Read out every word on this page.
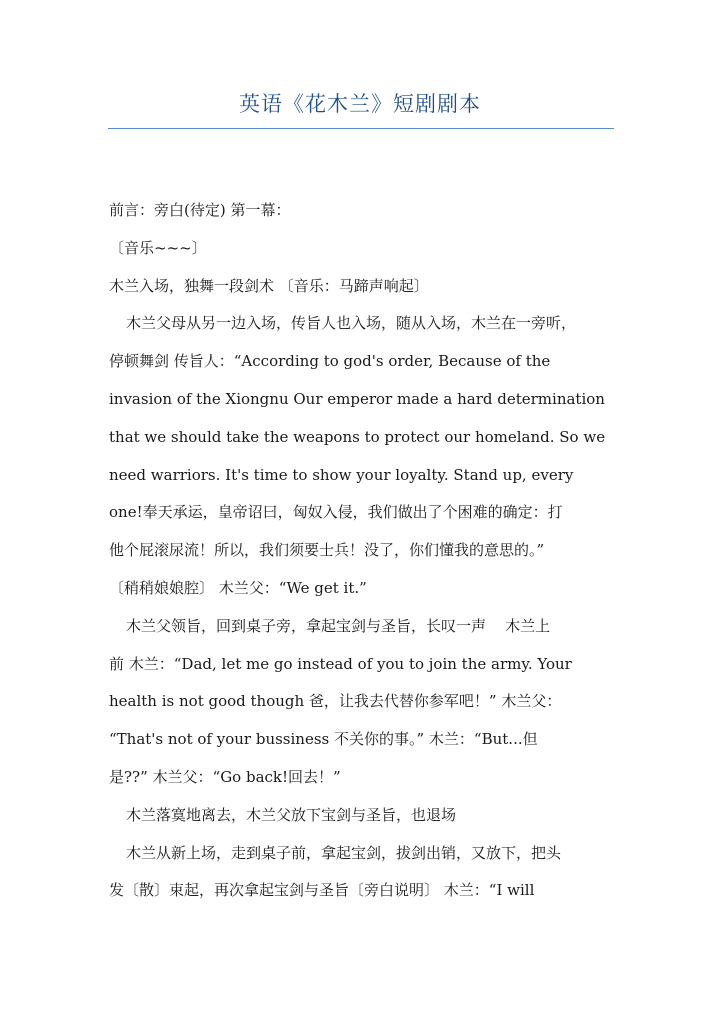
英语《花木兰》短剧剧本
前言：旁白(待定) 第一幕：
〔音乐~~~〕
木兰入场，独舞一段剑术 〔音乐：马蹄声响起〕
木兰父母从另一边入场，传旨人也入场，随从入场，木兰在一旁听，
停顿舞剑 传旨人：“According to god's order, Because of the
invasion of the Xiongnu Our emperor made a hard determination
that we should take the weapons to protect our homeland. So we
need warriors. It's time to show your loyalty. Stand up, every
one!奉天承运，皇帝诏曰，匈奴入侵，我们做出了个困难的确定：打
他个屁滚尿流！所以，我们须要士兵！没了，你们懂我的意思的。”
〔稍稍娘娘腔〕 木兰父：“We get it.”
木兰父领旨，回到桌子旁，拿起宝剑与圣旨，长叹一声    木兰上
前 木兰：“Dad, let me go instead of you to join the army. Your
health is not good though 爸，让我去代替你参军吧！” 木兰父：
“That's not of your bussiness 不关你的事。” 木兰：“But...但
是??” 木兰父：“Go back!回去！”
木兰落寞地离去，木兰父放下宝剑与圣旨，也退场
木兰从新上场，走到桌子前，拿起宝剑，拔剑出销，又放下，把头
发〔散〕束起，再次拿起宝剑与圣旨〔旁白说明〕 木兰：“I will
